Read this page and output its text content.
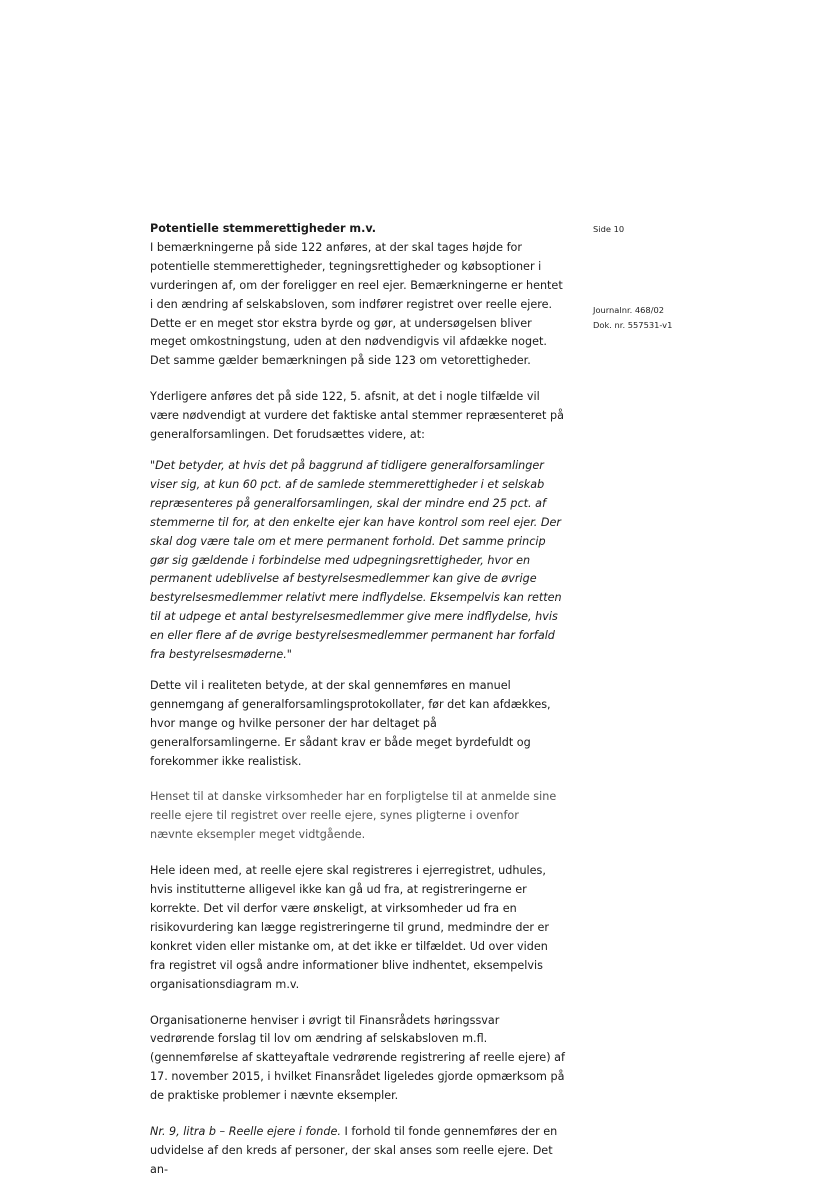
Side 10
Journalnr. 468/02
Dok. nr. 557531-v1

Potentielle stemmerettigheder m.v.

I bemærkningerne på side 122 anføres, at der skal tages højde for potentielle stemmerettigheder, tegningsrettigheder og købsoptioner i vurderingen af, om der foreligger en reel ejer. Bemærkningerne er hentet i den ændring af selskabsloven, som indfører registret over reelle ejere. Dette er en meget stor ekstra byrde og gør, at undersøgelsen bliver meget omkostningstung, uden at den nødvendigvis vil afdække noget. Det samme gælder bemærkningen på side 123 om vetorettigheder.

Yderligere anføres det på side 122, 5. afsnit, at det i nogle tilfælde vil være nødvendigt at vurdere det faktiske antal stemmer repræsenteret på generalforsamlingen. Det forudsættes videre, at:

"Det betyder, at hvis det på baggrund af tidligere generalforsamlinger viser sig, at kun 60 pct. af de samlede stemmerettigheder i et selskab repræsenteres på generalforsamlingen, skal der mindre end 25 pct. af stemmerne til for, at den enkelte ejer kan have kontrol som reel ejer. Der skal dog være tale om et mere permanent forhold. Det samme princip gør sig gældende i forbindelse med udpegningsrettigheder, hvor en permanent udeblivelse af bestyrelsesmedlemmer kan give de øvrige bestyrelsesmedlemmer relativt mere indflydelse. Eksempelvis kan retten til at udpege et antal bestyrelsesmedlemmer give mere indflydelse, hvis en eller flere af de øvrige bestyrelsesmedlemmer permanent har forfald fra bestyrelsesmøderne."

Dette vil i realiteten betyde, at der skal gennemføres en manuel gennemgang af generalforsamlingsprotokollater, før det kan afdækkes, hvor mange og hvilke personer der har deltaget på generalforsamlingerne. Er sådant krav er både meget byrdefuldt og forekommer ikke realistisk.

Henset til at danske virksomheder har en forpligtelse til at anmelde sine reelle ejere til registret over reelle ejere, synes pligterne i ovenfor nævnte eksempler meget vidtgående.

Hele ideen med, at reelle ejere skal registreres i ejerregistret, udhules, hvis institutterne alligevel ikke kan gå ud fra, at registreringerne er korrekte. Det vil derfor være ønskeligt, at virksomheder ud fra en risikovurdering kan lægge registreringerne til grund, medmindre der er konkret viden eller mistanke om, at det ikke er tilfældet. Ud over viden fra registret vil også andre informationer blive indhentet, eksempelvis organisationsdiagram m.v.

Organisationerne henviser i øvrigt til Finansrådets høringssvar vedrørende forslag til lov om ændring af selskabsloven m.fl. (gennemførelse af skatteyaftale vedrørende registrering af reelle ejere) af 17. november 2015, i hvilket Finansrådet ligeledes gjorde opmærksom på de praktiske problemer i nævnte eksempler.

Nr. 9, litra b – Reelle ejere i fonde. I forhold til fonde gennemføres der en udvidelse af den kreds af personer, der skal anses som reelle ejere. Det an-
